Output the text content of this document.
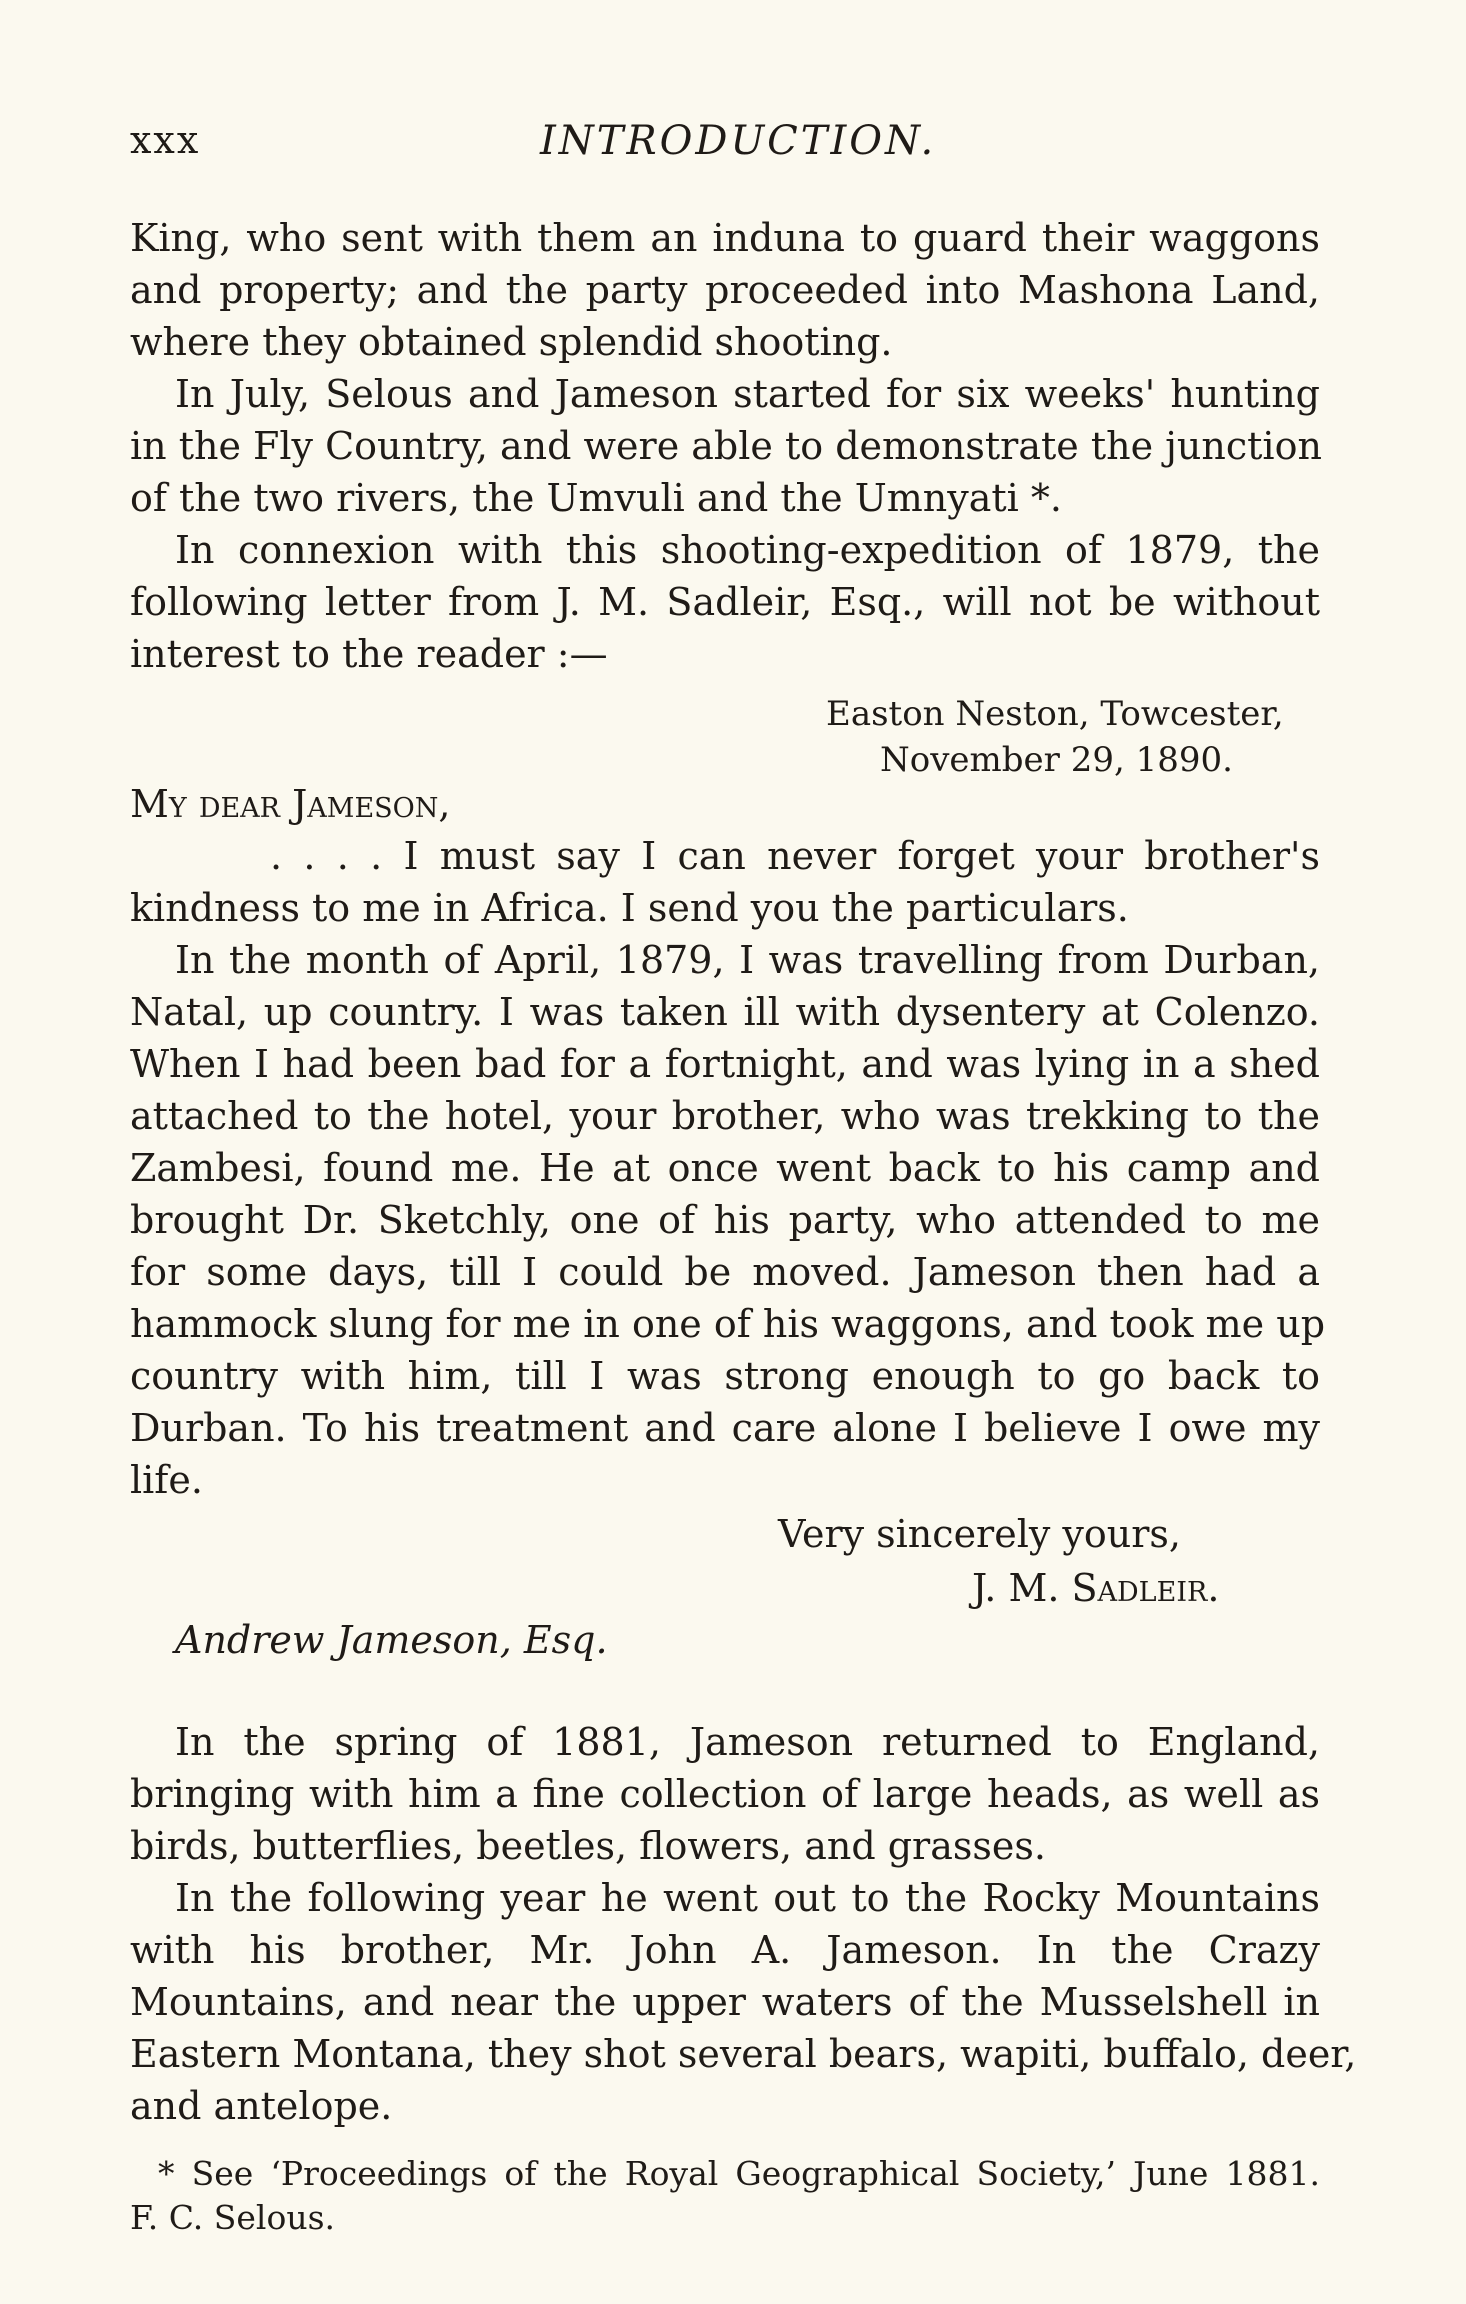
xxx	INTRODUCTION.
King, who sent with them an induna to guard their waggons
and property; and the party proceeded into Mashona Land,
where they obtained splendid shooting.
In July, Selous and Jameson started for six weeks' hunting
in the Fly Country, and were able to demonstrate the junction
of the two rivers, the Umvuli and the Umnyati *.
In connexion with this shooting-expedition of 1879, the
following letter from J. M. Sadleir, Esq., will not be without
interest to the reader :—
Easton Neston, Towcester,
November 29, 1890.
My dear Jameson,
. . . . I must say I can never forget your brother's
kindness to me in Africa. I send you the particulars.
In the month of April, 1879, I was travelling from Durban,
Natal, up country. I was taken ill with dysentery at Colenzo.
When I had been bad for a fortnight, and was lying in a shed
attached to the hotel, your brother, who was trekking to the
Zambesi, found me. He at once went back to his camp and
brought Dr. Sketchly, one of his party, who attended to me
for some days, till I could be moved. Jameson then had a
hammock slung for me in one of his waggons, and took me up
country with him, till I was strong enough to go back to
Durban. To his treatment and care alone I believe I owe my
life.
Very sincerely yours,
J. M. Sadleir.
Andrew Jameson, Esq.
In the spring of 1881, Jameson returned to England,
bringing with him a fine collection of large heads, as well as
birds, butterflies, beetles, flowers, and grasses.
In the following year he went out to the Rocky Mountains
with his brother, Mr. John A. Jameson. In the Crazy
Mountains, and near the upper waters of the Musselshell in
Eastern Montana, they shot several bears, wapiti, buffalo, deer,
and antelope.
* See ‘Proceedings of the Royal Geographical Society,’ June 1881.
F. C. Selous.
